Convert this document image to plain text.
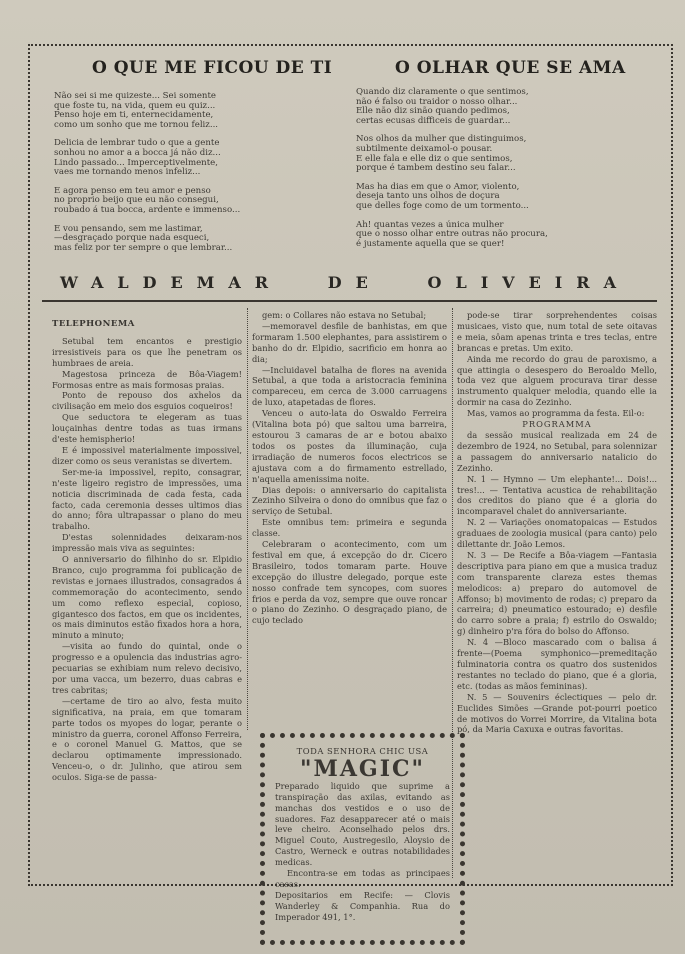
O QUE ME FICOU DE TI	O OLHAR QUE SE AMA
Não sei si me quizeste... Sei somente
que foste tu, na vida, quem eu quiz...
Penso hoje em ti, enternecidamente,
como um sonho que me tornou feliz...
Delicia de lembrar tudo o que a gente
sonhou no amor a a bocca já não diz...
Lindo passado... Imperceptivelmente,
vaes me tornando menos infeliz...
E agora penso em teu amor e penso
no proprio beijo que eu não consegui,
roubado á tua bocca, ardente e immenso...
E vou pensando, sem me lastimar,
—desgraçado porque nada esqueci,
mas feliz por ter sempre o que lembrar...
Quando diz claramente o que sentimos,
não é falso ou traidor o nosso olhar...
Elle não diz sinão quando pedimos,
certas ecusas difficeis de guardar...
Nos olhos da mulher que distinguimos,
subtilmente deixamol-o pousar.
E elle fala e elle diz o que sentimos,
porque é tambem destino seu falar...
Mas ha dias em que o Amor, violento,
deseja tanto uns olhos de doçura
que delles foge como de um tormento...
Ah! quantas vezes a única mulher
que o nosso olhar entre outras não procura,
é justamente aquella que se quer!
WALDEMAR	DE	OLIVEIRA

TELEPHONEMA

Setubal tem encantos e prestigio irresistiveis para os que lhe penetram os humbraes de areia.

Magestosa princeza de Bôa-Viagem! Formosas entre as mais formosas praias.

Ponto de repouso dos axhelos da civilisação em meio dos esguios coqueiros!

Que seductora te elegeram as tuas louçainhas dentre todas as tuas irmans d'este hemispherio!

E é impossivel materialmente impossivel, dizer como os seus veranistas se divertem.

Ser-me-ia impossivel, repito, consagrar, n'este ligeiro registro de impressões, uma noticia discriminada de cada festa, cada facto, cada ceremonia desses ultimos dias do anno; fôra ultrapassar o plano do meu trabalho.

D'estas solennidades deixaram-nos impressão mais viva as seguintes:

O anniversario do filhinho do sr. Elpidio Branco, cujo programma foi publicação de revistas e jornaes illustrados, consagrados á commemoração do acontecimento, sendo um como reflexo especial, copioso, gigantesco dos factos, em que os incidentes, os mais diminutos estão fixados hora a hora, minuto a minuto;

—visita ao fundo do quintal, onde o progresso e a opulencia das industrias agro-pecuarias se exhibiam num relevo decisivo, por uma vacca, um bezerro, duas cabras e tres cabritas;

—certame de tiro ao alvo, festa muito significativa, na praia, em que tomaram parte todos os myopes do logar, perante o ministro da guerra, coronel Affonso Ferreira, e o coronel Manuel G. Mattos, que se declarou optimamente impressionado. Venceu-o, o dr. Julinho, que atirou sem oculos. Siga-se de passa-

gem: o Collares não estava no Setubal;

—memoravel desfile de banhistas, em que formaram 1.500 elephantes, para assistirem o banho do dr. Elpidio, sacrificio em honra ao dia;

—Incluidavel batalha de flores na avenida Setubal, a que toda a aristocracia feminina compareceu, em cerca de 3.000 carruagens de luxo, atapetadas de flores.

Venceu o auto-lata do Oswaldo Ferreira (Vitalina bota pó) que saltou uma barreira, estourou 3 camaras de ar e botou abaixo todos os postes da illuminação, cuja irradiação de numeros focos electricos se ajustava com a do firmamento estrellado, n'aquella amenissima noite.

Dias depois: o anniversario do capitalista Zezinho Silveira o dono do omnibus que faz o serviço de Setubal.

Este omnibus tem: primeira e segunda classe.

Celebraram o acontecimento, com um festival em que, á excepção do dr. Cicero Brasileiro, todos tomaram parte. Houve excepção do illustre delegado, porque este nosso confrade tem syncopes, com suores frios e perda da voz, sempre que ouve roncar o piano do Zezinho. O desgraçado piano, de cujo teclado

pode-se tirar sorprehendentes coisas musicaes, visto que, num total de sete oitavas e meia, sôam apenas trinta e tres teclas, entre brancas e pretas. Um exito.

Ainda me recordo do grau de paroxismo, a que attingia o desespero do Beroaldo Mello, toda vez que alguem procurava tirar desse instrumento qualquer melodia, quando elle ia dormir na casa do Zezinho.

Mas, vamos ao programma da festa. Eil-o:

PROGRAMMA

da sessão musical realizada em 24 de dezembro de 1924, no Setubal, para solennizar a passagem do anniversario natalicio do Zezinho.

N. 1 — Hymno — Um elephante!... Dois!... tres!... — Tentativa acustica de rehabilitação dos creditos do piano que é a gloria do incomparavel chalet do anniversariante.

N. 2 — Variações onomatopaicas — Estudos graduaes de zoologia musical (para canto) pelo dilettante dr. João Lemos.

N. 3 — De Recife a Bôa-viagem —Fantasia descriptiva para piano em que a musica traduz com transparente clareza estes themas melodicos: a) preparo do automovel de Affonso; b) movimento de rodas; c) preparo da carreira; d) pneumatico estourado; e) desfile do carro sobre a praia; f) estrilo do Oswaldo; g) dinheiro p'ra fóra do bolso do Affonso.

N. 4 —Bloco mascarado com o balisa á frente—(Poema symphonico—premeditação fulminatoria contra os quatro dos sustenidos restantes no teclado do piano, que é a gloria, etc. (todas as mãos femininas).

N. 5 — Souvenirs éclectiques — pelo dr. Euclides Simões —Grande pot-pourri poetico de motivos do Vorrei Morrire, da Vitalina bota pó, da Maria Caxuxa e outras favoritas.

TODA SENHORA CHIC USA
"MAGIC"

Preparado liquido que suprime a transpiração das axilas, evitando as manchas dos vestidos e o uso de suadores. Faz desapparecer até o mais leve cheiro. Aconselhado pelos drs. Miguel Couto, Austregesilo, Aloysio de Castro, Werneck e outras notabilidades medicas.

Encontra-se em todas as principaes casas.

Depositarios em Recife: — Clovis Wanderley & Companhia. Rua do Imperador 491, 1°.
